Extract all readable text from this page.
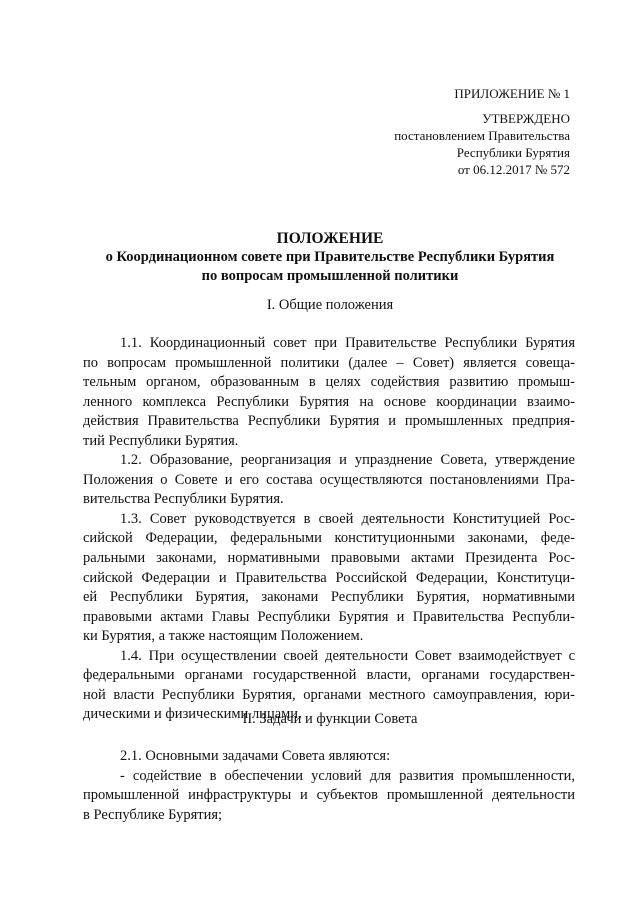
ПРИЛОЖЕНИЕ № 1
УТВЕРЖДЕНО
постановлением Правительства
Республики Бурятия
от 06.12.2017 № 572
ПОЛОЖЕНИЕ
о Координационном совете при Правительстве Республики Бурятия
по вопросам промышленной политики
I. Общие положения
1.1. Координационный совет при Правительстве Республики Бурятия
по вопросам промышленной политики (далее – Совет) является совеща-
тельным органом, образованным в целях содействия развитию промыш-
ленного комплекса Республики Бурятия на основе координации взаимо-
действия Правительства Республики Бурятия и промышленных предприя-
тий Республики Бурятия.
1.2. Образование, реорганизация и упразднение Совета, утверждение
Положения о Совете и его состава осуществляются постановлениями Пра-
вительства Республики Бурятия.
1.3. Совет руководствуется в своей деятельности Конституцией Рос-
сийской Федерации, федеральными конституционными законами, феде-
ральными законами, нормативными правовыми актами Президента Рос-
сийской Федерации и Правительства Российской Федерации, Конституци-
ей Республики Бурятия, законами Республики Бурятия, нормативными
правовыми актами Главы Республики Бурятия и Правительства Республи-
ки Бурятия, а также настоящим Положением.
1.4. При осуществлении своей деятельности Совет взаимодействует с
федеральными органами государственной власти, органами государствен-
ной власти Республики Бурятия, органами местного самоуправления, юри-
дическими и физическими лицами.
II. Задачи и функции Совета
2.1. Основными задачами Совета являются:
- содействие в обеспечении условий для развития промышленности,
промышленной инфраструктуры и субъектов промышленной деятельности
в Республике Бурятия;
